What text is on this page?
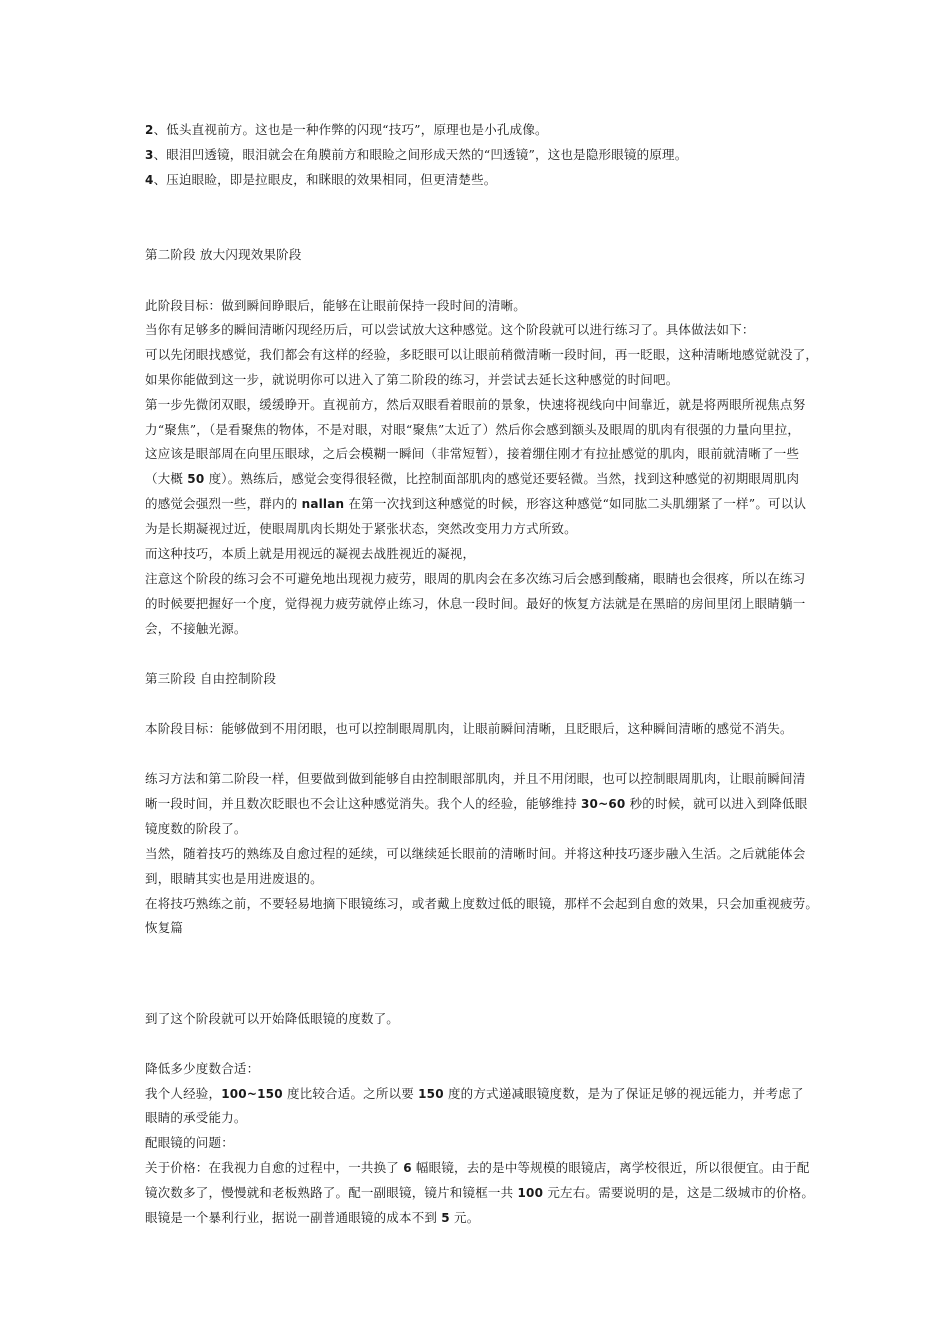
2、低头直视前方。这也是一种作弊的闪现“技巧”，原理也是小孔成像。
3、眼泪凹透镜，眼泪就会在角膜前方和眼睑之间形成天然的“凹透镜”，这也是隐形眼镜的原理。
4、压迫眼睑，即是拉眼皮，和眯眼的效果相同，但更清楚些。
第二阶段 放大闪现效果阶段
此阶段目标：做到瞬间睁眼后，能够在让眼前保持一段时间的清晰。
当你有足够多的瞬间清晰闪现经历后，可以尝试放大这种感觉。这个阶段就可以进行练习了。具体做法如下：
可以先闭眼找感觉，我们都会有这样的经验，多眨眼可以让眼前稍微清晰一段时间，再一眨眼，这种清晰地感觉就没了，
如果你能做到这一步，就说明你可以进入了第二阶段的练习，并尝试去延长这种感觉的时间吧。
第一步先微闭双眼，缓缓睁开。直视前方，然后双眼看着眼前的景象，快速将视线向中间靠近，就是将两眼所视焦点努
力“聚焦”，（是看聚焦的物体，不是对眼，对眼“聚焦”太近了）然后你会感到额头及眼周的肌肉有很强的力量向里拉，
这应该是眼部周在向里压眼球，之后会模糊一瞬间（非常短暂），接着绷住刚才有拉扯感觉的肌肉，眼前就清晰了一些
（大概 50 度）。熟练后，感觉会变得很轻微，比控制面部肌肉的感觉还要轻微。当然，找到这种感觉的初期眼周肌肉
的感觉会强烈一些，群内的 nallan 在第一次找到这种感觉的时候，形容这种感觉“如同肱二头肌绷紧了一样”。可以认
为是长期凝视过近，使眼周肌肉长期处于紧张状态，突然改变用力方式所致。
而这种技巧，本质上就是用视远的凝视去战胜视近的凝视，
注意这个阶段的练习会不可避免地出现视力疲劳，眼周的肌肉会在多次练习后会感到酸痛，眼睛也会很疼，所以在练习
的时候要把握好一个度，觉得视力疲劳就停止练习，休息一段时间。最好的恢复方法就是在黑暗的房间里闭上眼睛躺一
会，不接触光源。
第三阶段 自由控制阶段
本阶段目标：能够做到不用闭眼，也可以控制眼周肌肉，让眼前瞬间清晰，且眨眼后，这种瞬间清晰的感觉不消失。
练习方法和第二阶段一样，但要做到做到能够自由控制眼部肌肉，并且不用闭眼，也可以控制眼周肌肉，让眼前瞬间清
晰一段时间，并且数次眨眼也不会让这种感觉消失。我个人的经验，能够维持 30~60 秒的时候，就可以进入到降低眼
镜度数的阶段了。
当然，随着技巧的熟练及自愈过程的延续，可以继续延长眼前的清晰时间。并将这种技巧逐步融入生活。之后就能体会
到，眼睛其实也是用进废退的。
在将技巧熟练之前，不要轻易地摘下眼镜练习，或者戴上度数过低的眼镜，那样不会起到自愈的效果，只会加重视疲劳。
恢复篇
到了这个阶段就可以开始降低眼镜的度数了。
降低多少度数合适：
我个人经验，100~150 度比较合适。之所以要 150 度的方式递减眼镜度数，是为了保证足够的视远能力，并考虑了
眼睛的承受能力。
配眼镜的问题：
关于价格：在我视力自愈的过程中，一共换了 6 幅眼镜，去的是中等规模的眼镜店，离学校很近，所以很便宜。由于配
镜次数多了，慢慢就和老板熟路了。配一副眼镜，镜片和镜框一共 100 元左右。需要说明的是，这是二级城市的价格。
眼镜是一个暴利行业，据说一副普通眼镜的成本不到 5 元。
